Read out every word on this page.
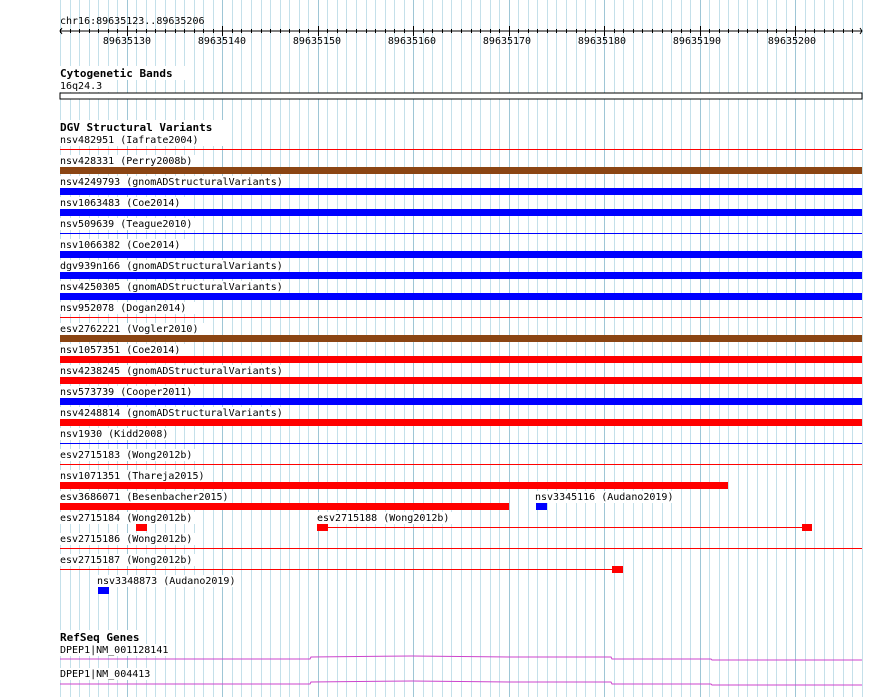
chr16:89635123..89635206
89635130	89635140	89635150	89635160	89635170	89635180	89635190	89635200
Cytogenetic Bands
16q24.3
DGV Structural Variants
nsv482951 (Iafrate2004)
nsv428331 (Perry2008b)
nsv4249793 (gnomADStructuralVariants)
nsv1063483 (Coe2014)
nsv509639 (Teague2010)
nsv1066382 (Coe2014)
dgv939n166 (gnomADStructuralVariants)
nsv4250305 (gnomADStructuralVariants)
nsv952078 (Dogan2014)
esv2762221 (Vogler2010)
nsv1057351 (Coe2014)
nsv4238245 (gnomADStructuralVariants)
nsv573739 (Cooper2011)
nsv4248814 (gnomADStructuralVariants)
nsv1930 (Kidd2008)
esv2715183 (Wong2012b)
nsv1071351 (Thareja2015)
esv3686071 (Besenbacher2015)	nsv3345116 (Audano2019)
esv2715184 (Wong2012b)	esv2715188 (Wong2012b)
esv2715186 (Wong2012b)
esv2715187 (Wong2012b)
nsv3348873 (Audano2019)
RefSeq Genes
DPEP1|NM_001128141
DPEP1|NM_004413
